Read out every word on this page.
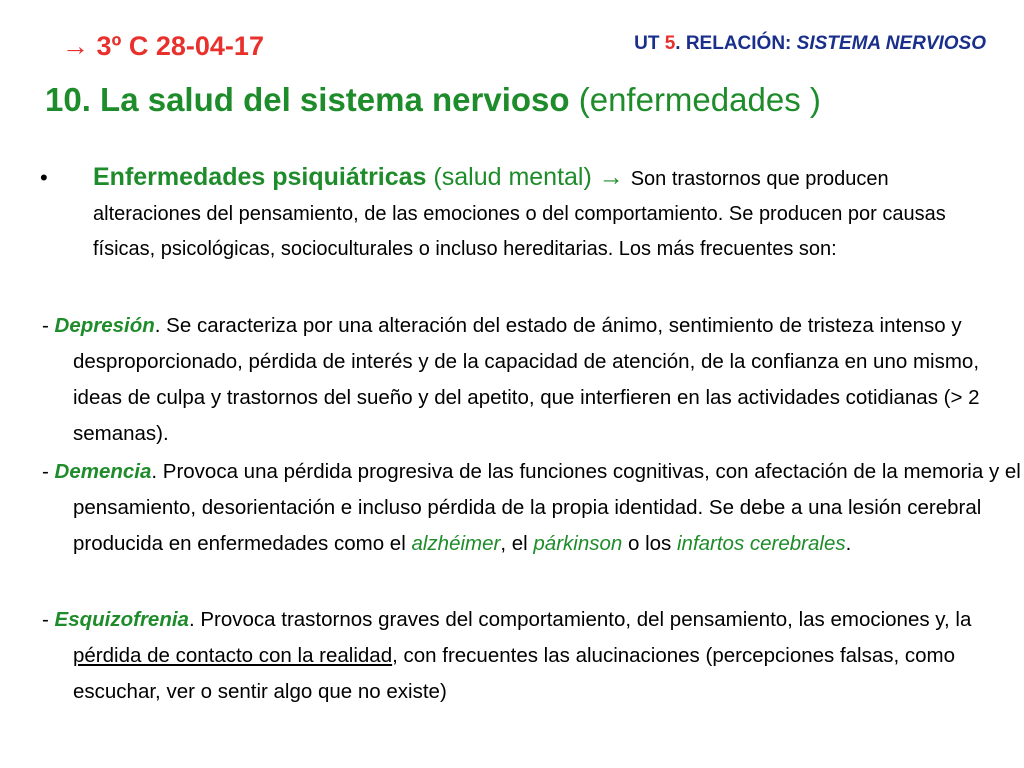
→ 3º C 28-04-17	UT 5. RELACIÓN: SISTEMA NERVIOSO
10. La salud del sistema nervioso (enfermedades )
• Enfermedades psiquiátricas (salud mental) → Son trastornos que producen alteraciones del pensamiento, de las emociones o del comportamiento. Se producen por causas físicas, psicológicas, socioculturales o incluso hereditarias. Los más frecuentes son:
- Depresión. Se caracteriza por una alteración del estado de ánimo, sentimiento de tristeza intenso y desproporcionado, pérdida de interés y de la capacidad de atención, de la confianza en uno mismo, ideas de culpa y trastornos del sueño y del apetito, que interfieren en las actividades cotidianas (> 2 semanas).
- Demencia. Provoca una pérdida progresiva de las funciones cognitivas, con afectación de la memoria y el pensamiento, desorientación e incluso pérdida de la propia identidad. Se debe a una lesión cerebral producida en enfermedades como el alzhéimer, el párkinson o los infartos cerebrales.
- Esquizofrenia. Provoca trastornos graves del comportamiento, del pensamiento, las emociones y, la pérdida de contacto con la realidad, con frecuentes las alucinaciones (percepciones falsas, como escuchar, ver o sentir algo que no existe)
